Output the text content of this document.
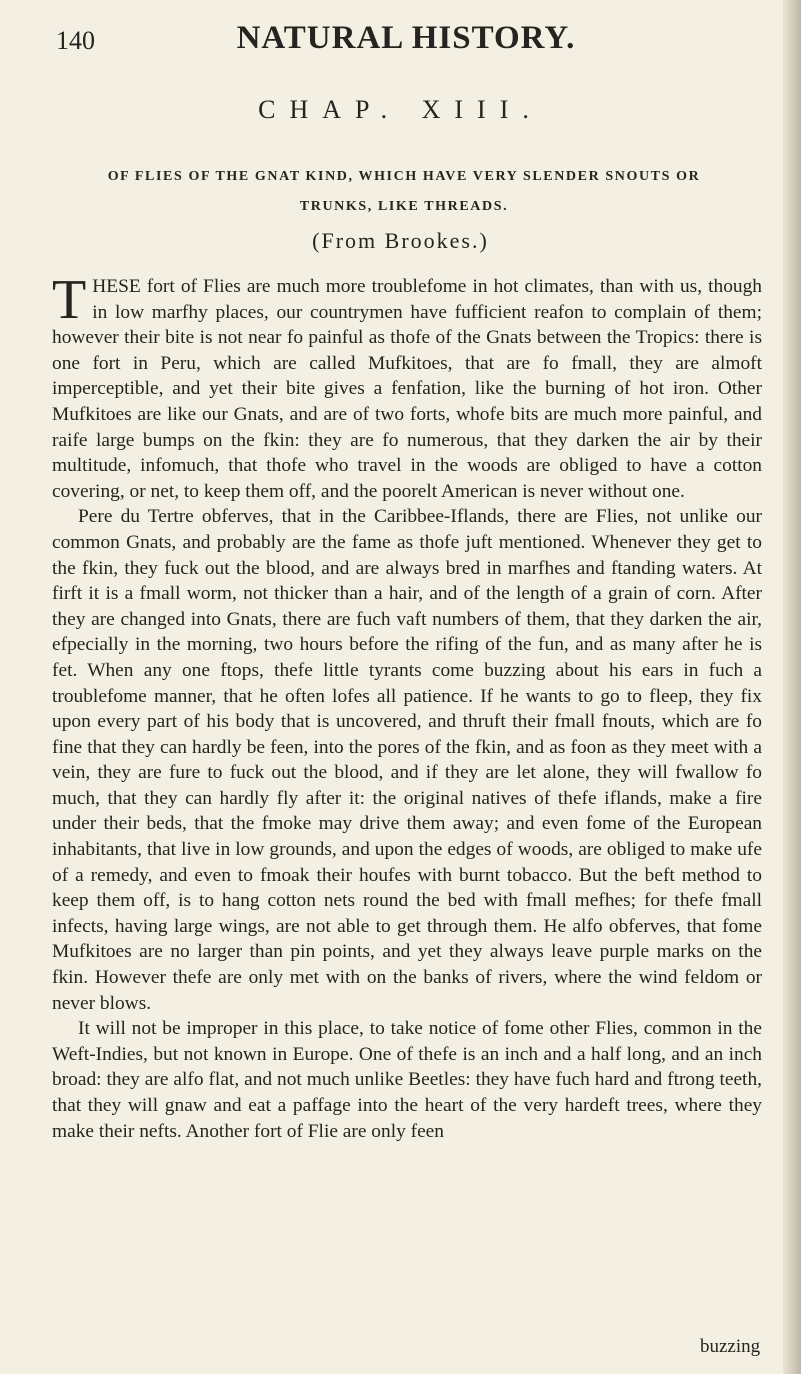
140	NATURAL HISTORY.
CHAP. XIII.
OF FLIES OF THE GNAT KIND, WHICH HAVE VERY SLENDER SNOUTS OR
TRUNKS, LIKE THREADS.
(From Brookes.)

THESE fort of Flies are much more troublefome in hot climates, than with us, though in low marfhy places, our countrymen have fufficient reafon to complain of them; however their bite is not near fo painful as thofe of the Gnats between the Tropics: there is one fort in Peru, which are called Mufkitoes, that are fo fmall, they are almoft imperceptible, and yet their bite gives a fenfation, like the burning of hot iron. Other Mufkitoes are like our Gnats, and are of two forts, whofe bits are much more painful, and raife large bumps on the fkin: they are fo numerous, that they darken the air by their multitude, infomuch, that thofe who travel in the woods are obliged to have a cotton covering, or net, to keep them off, and the poorelt American is never without one.

Pere du Tertre obferves, that in the Caribbee-Iflands, there are Flies, not unlike our common Gnats, and probably are the fame as thofe juft mentioned. Whenever they get to the fkin, they fuck out the blood, and are always bred in marfhes and ftanding waters. At firft it is a fmall worm, not thicker than a hair, and of the length of a grain of corn. After they are changed into Gnats, there are fuch vaft numbers of them, that they darken the air, efpecially in the morning, two hours before the rifing of the fun, and as many after he is fet. When any one ftops, thefe little tyrants come buzzing about his ears in fuch a troublefome manner, that he often lofes all patience. If he wants to go to fleep, they fix upon every part of his body that is uncovered, and thruft their fmall fnouts, which are fo fine that they can hardly be feen, into the pores of the fkin, and as foon as they meet with a vein, they are fure to fuck out the blood, and if they are let alone, they will fwallow fo much, that they can hardly fly after it: the original natives of thefe iflands, make a fire under their beds, that the fmoke may drive them away; and even fome of the European inhabitants, that live in low grounds, and upon the edges of woods, are obliged to make ufe of a remedy, and even to fmoak their houfes with burnt tobacco. But the beft method to keep them off, is to hang cotton nets round the bed with fmall mefhes; for thefe fmall infects, having large wings, are not able to get through them. He alfo obferves, that fome Mufkitoes are no larger than pin points, and yet they always leave purple marks on the fkin. However thefe are only met with on the banks of rivers, where the wind feldom or never blows.

It will not be improper in this place, to take notice of fome other Flies, common in the Weft-Indies, but not known in Europe. One of thefe is an inch and a half long, and an inch broad: they are alfo flat, and not much unlike Beetles: they have fuch hard and ftrong teeth, that they will gnaw and eat a paffage into the heart of the very hardeft trees, where they make their nefts. Another fort of Flie are only feen

buzzing
